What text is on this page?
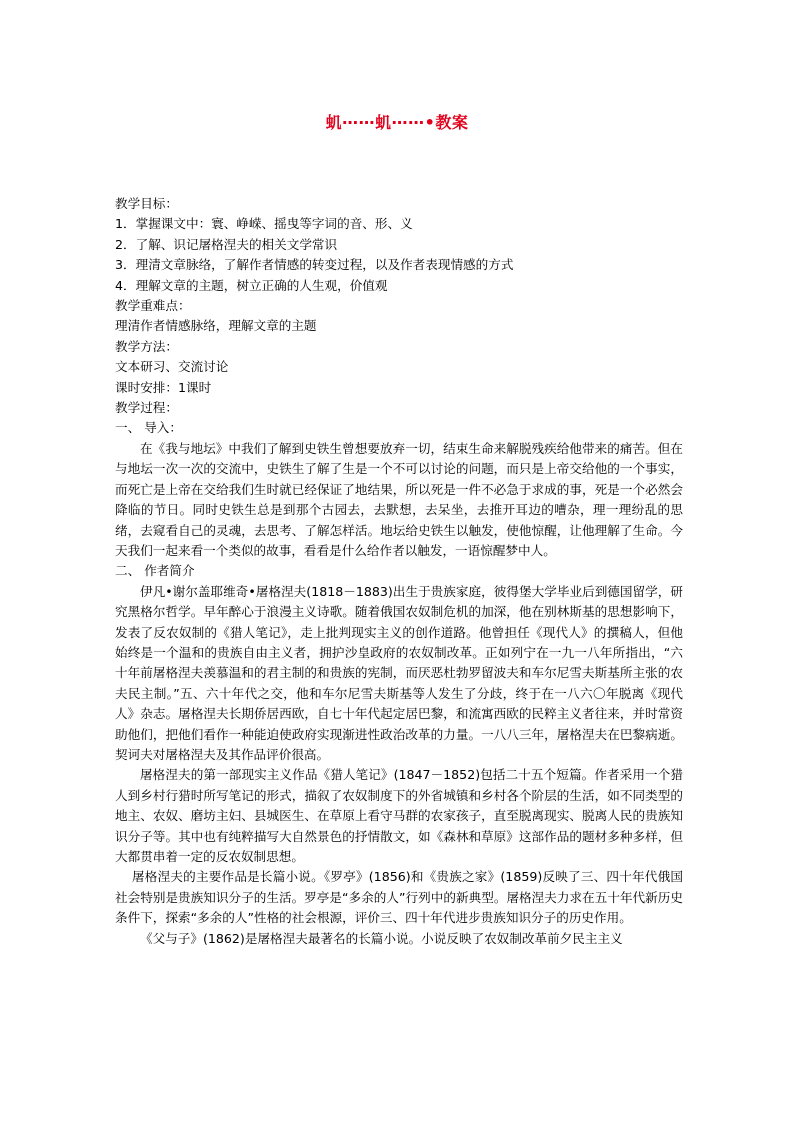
虮⋯⋯虮⋯⋯•教案
教学目标：
1．掌握课文中：寰、峥嵘、摇曳等字词的音、形、义
2．了解、识记屠格涅夫的相关文学常识
3．理清文章脉络，了解作者情感的转变过程，以及作者表现情感的方式
4．理解文章的主题，树立正确的人生观，价值观
教学重难点：
理清作者情感脉络，理解文章的主题
教学方法：
文本研习、交流讨论
课时安排：1课时
教学过程：
一、 导入：

在《我与地坛》中我们了解到史铁生曾想要放弃一切，结束生命来解脱残疾给他带来的痛苦。但在与地坛一次一次的交流中，史铁生了解了生是一个不可以讨论的问题，而只是上帝交给他的一个事实，而死亡是上帝在交给我们生时就已经保证了地结果，所以死是一件不必急于求成的事，死是一个必然会降临的节日。同时史铁生总是到那个古园去，去默想，去呆坐，去推开耳边的嘈杂，理一理纷乱的思绪，去窥看自己的灵魂，去思考、了解怎样活。地坛给史铁生以触发，使他惊醒，让他理解了生命。今天我们一起来看一个类似的故事，看看是什么给作者以触发，一语惊醒梦中人。

二、 作者简介

伊凡•谢尔盖耶维奇•屠格涅夫(1818－1883)出生于贵族家庭，彼得堡大学毕业后到德国留学，研究黑格尔哲学。早年醉心于浪漫主义诗歌。随着俄国农奴制危机的加深，他在别林斯基的思想影响下，发表了反农奴制的《猎人笔记》，走上批判现实主义的创作道路。他曾担任《现代人》的撰稿人，但他始终是一个温和的贵族自由主义者，拥护沙皇政府的农奴制改革。正如列宁在一九一八年所指出，“六十年前屠格涅夫羡慕温和的君主制的和贵族的宪制，而厌恶杜勃罗留波夫和车尔尼雪夫斯基所主张的农夫民主制。”五、六十年代之交，他和车尔尼雪夫斯基等人发生了分歧，终于在一八六〇年脱离《现代人》杂志。屠格涅夫长期侨居西欧，自七十年代起定居巴黎，和流寓西欧的民粹主义者往来，并时常资助他们，把他们看作一种能迫使政府实现渐进性政治改革的力量。一八八三年，屠格涅夫在巴黎病逝。契诃夫对屠格涅夫及其作品评价很高。

屠格涅夫的第一部现实主义作品《猎人笔记》(1847－1852)包括二十五个短篇。作者采用一个猎人到乡村行猎时所写笔记的形式，描叙了农奴制度下的外省城镇和乡村各个阶层的生活，如不同类型的地主、农奴、磨坊主妇、县城医生、在草原上看守马群的农家孩子，直至脱离现实、脱离人民的贵族知识分子等。其中也有纯粹描写大自然景色的抒情散文，如《森林和草原》这部作品的题材多种多样，但大都贯串着一定的反农奴制思想。

屠格涅夫的主要作品是长篇小说。《罗亭》(1856)和《贵族之家》(1859)反映了三、四十年代俄国社会特别是贵族知识分子的生活。罗亭是“多余的人”行列中的新典型。屠格涅夫力求在五十年代新历史条件下，探索“多余的人”性格的社会根源，评价三、四十年代进步贵族知识分子的历史作用。

《父与子》(1862)是屠格涅夫最著名的长篇小说。小说反映了农奴制改革前夕民主主义
